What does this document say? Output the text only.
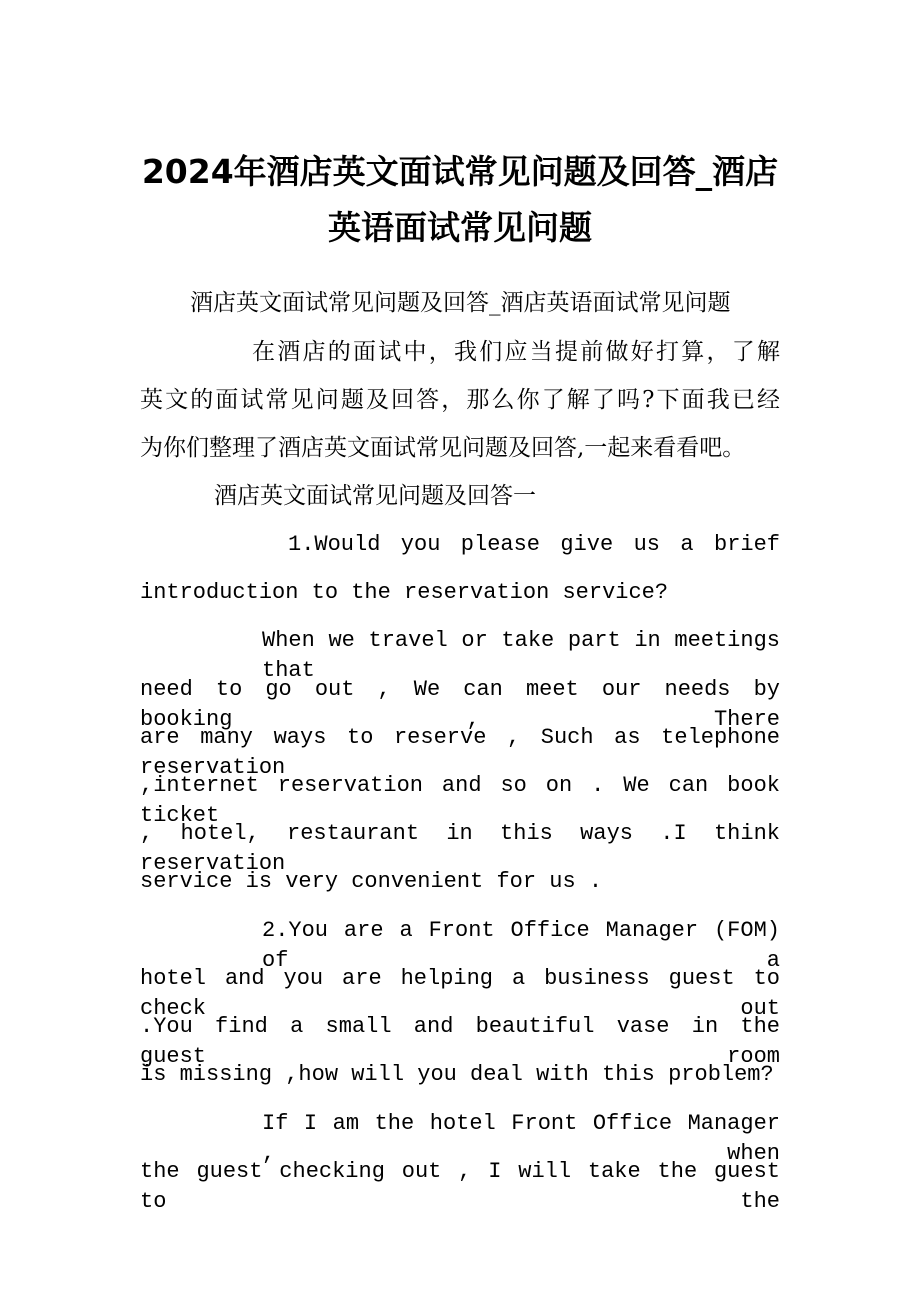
2024年酒店英文面试常见问题及回答_酒店
英语面试常见问题
酒店英文面试常见问题及回答_酒店英语面试常见问题
在酒店的面试中，我们应当提前做好打算，了解
英文的面试常见问题及回答，那么你了解了吗?下面我已经
为你们整理了酒店英文面试常见问题及回答,一起来看看吧。
酒店英文面试常见问题及回答一
1.Would you please give us a brief
introduction to the reservation service?
When we travel or take part in meetings that
need to go out , We can meet our needs by booking , There
are many ways to reserve , Such as telephone reservation
,internet reservation and so on . We can book ticket
, hotel, restaurant in this ways .I think reservation
service is very convenient for us .
2.You are a Front Office Manager (FOM) of a
hotel and you are helping a business guest to check out
.You find a small and beautiful vase in the guest room
is missing ,how will you deal with this problem?
If I am the hotel Front Office Manager , when
the guest checking out , I will take the guest to the
